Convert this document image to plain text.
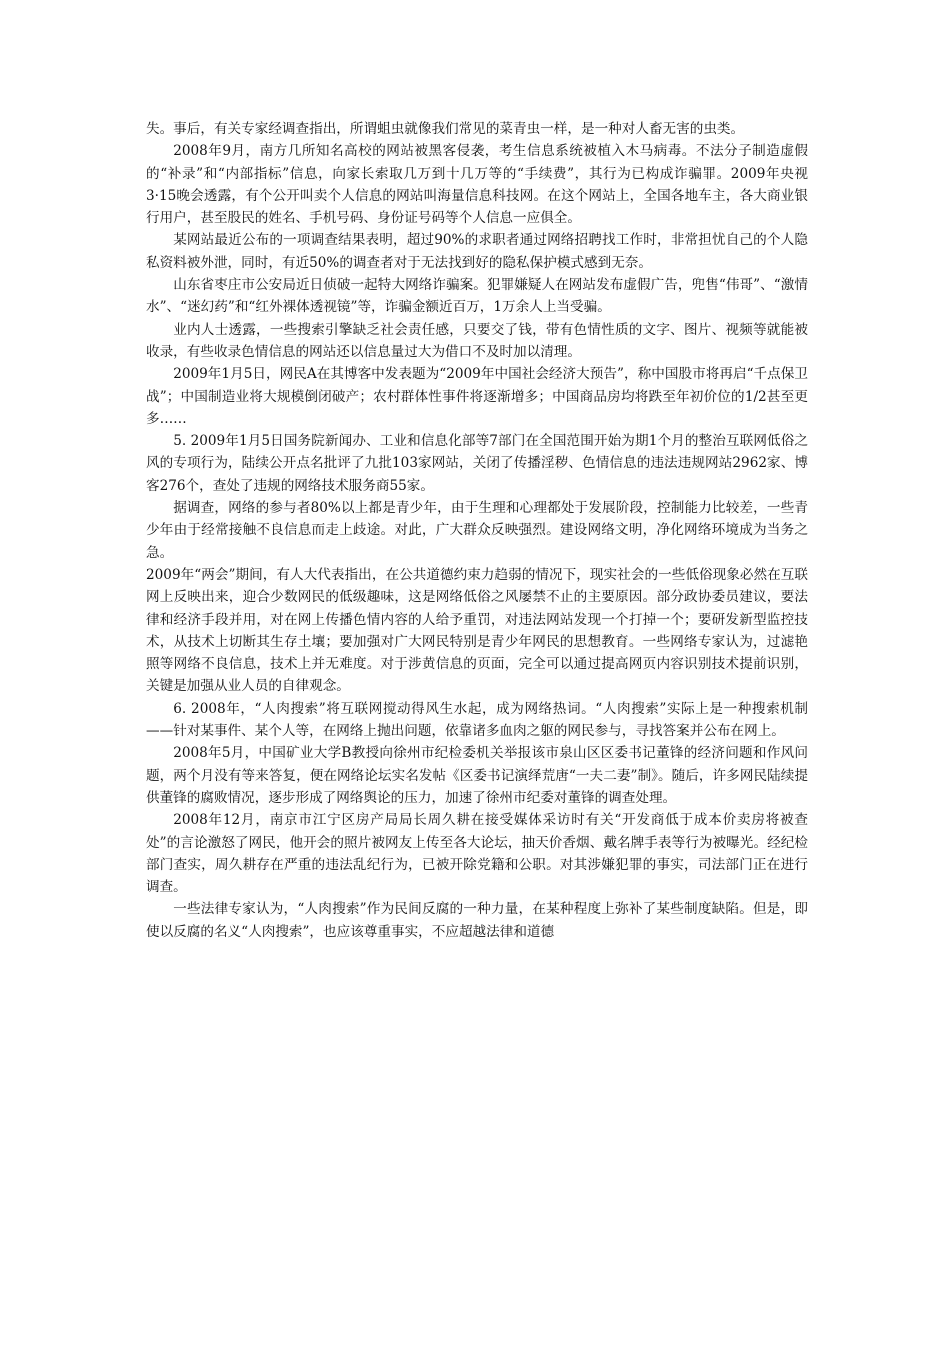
失。事后，有关专家经调查指出，所谓蛆虫就像我们常见的菜青虫一样，是一种对人畜无害的虫类。

2008年9月，南方几所知名高校的网站被黑客侵袭，考生信息系统被植入木马病毒。不法分子制造虚假的“补录”和“内部指标”信息，向家长索取几万到十几万等的“手续费”，其行为已构成诈骗罪。2009年央视3·15晚会透露，有个公开叫卖个人信息的网站叫海量信息科技网。在这个网站上，全国各地车主，各大商业银行用户，甚至股民的姓名、手机号码、身份证号码等个人信息一应俱全。

某网站最近公布的一项调查结果表明，超过90%的求职者通过网络招聘找工作时，非常担忧自己的个人隐私资料被外泄，同时，有近50%的调查者对于无法找到好的隐私保护模式感到无奈。

山东省枣庄市公安局近日侦破一起特大网络诈骗案。犯罪嫌疑人在网站发布虚假广告，兜售“伟哥”、“激情水”、“迷幻药”和“红外裸体透视镜”等，诈骗金额近百万，1万余人上当受骗。

业内人士透露，一些搜索引擎缺乏社会责任感，只要交了钱，带有色情性质的文字、图片、视频等就能被收录，有些收录色情信息的网站还以信息量过大为借口不及时加以清理。

2009年1月5日，网民A在其博客中发表题为“2009年中国社会经济大预告”，称中国股市将再启“千点保卫战”；中国制造业将大规模倒闭破产；农村群体性事件将逐渐增多；中国商品房均将跌至年初价位的1/2甚至更多……

5. 2009年1月5日国务院新闻办、工业和信息化部等7部门在全国范围开始为期1个月的整治互联网低俗之风的专项行为，陆续公开点名批评了九批103家网站，关闭了传播淫秽、色情信息的违法违规网站2962家、博客276个，查处了违规的网络技术服务商55家。

据调查，网络的参与者80%以上都是青少年，由于生理和心理都处于发展阶段，控制能力比较差，一些青少年由于经常接触不良信息而走上歧途。对此，广大群众反映强烈。建设网络文明，净化网络环境成为当务之急。

2009年“两会”期间，有人大代表指出，在公共道德约束力趋弱的情况下，现实社会的一些低俗现象必然在互联网上反映出来，迎合少数网民的低级趣味，这是网络低俗之风屡禁不止的主要原因。部分政协委员建议，要法律和经济手段并用，对在网上传播色情内容的人给予重罚，对违法网站发现一个打掉一个；要研发新型监控技术，从技术上切断其生存土壤；要加强对广大网民特别是青少年网民的思想教育。一些网络专家认为，过滤艳照等网络不良信息，技术上并无难度。对于涉黄信息的页面，完全可以通过提高网页内容识别技术提前识别，关键是加强从业人员的自律观念。

6. 2008年，“人肉搜索”将互联网搅动得风生水起，成为网络热词。“人肉搜索”实际上是一种搜索机制——针对某事件、某个人等，在网络上抛出问题，依靠诸多血肉之躯的网民参与，寻找答案并公布在网上。

2008年5月，中国矿业大学B教授向徐州市纪检委机关举报该市泉山区区委书记董锋的经济问题和作风问题，两个月没有等来答复，便在网络论坛实名发帖《区委书记演绎荒唐“一夫二妻”制》。随后，许多网民陆续提供董锋的腐败情况，逐步形成了网络舆论的压力，加速了徐州市纪委对董锋的调查处理。

2008年12月，南京市江宁区房产局局长周久耕在接受媒体采访时有关“开发商低于成本价卖房将被查处”的言论激怒了网民，他开会的照片被网友上传至各大论坛，抽天价香烟、戴名牌手表等行为被曝光。经纪检部门查实，周久耕存在严重的违法乱纪行为，已被开除党籍和公职。对其涉嫌犯罪的事实，司法部门正在进行调查。

一些法律专家认为，“人肉搜索”作为民间反腐的一种力量，在某种程度上弥补了某些制度缺陷。但是，即使以反腐的名义“人肉搜索”，也应该尊重事实，不应超越法律和道德
